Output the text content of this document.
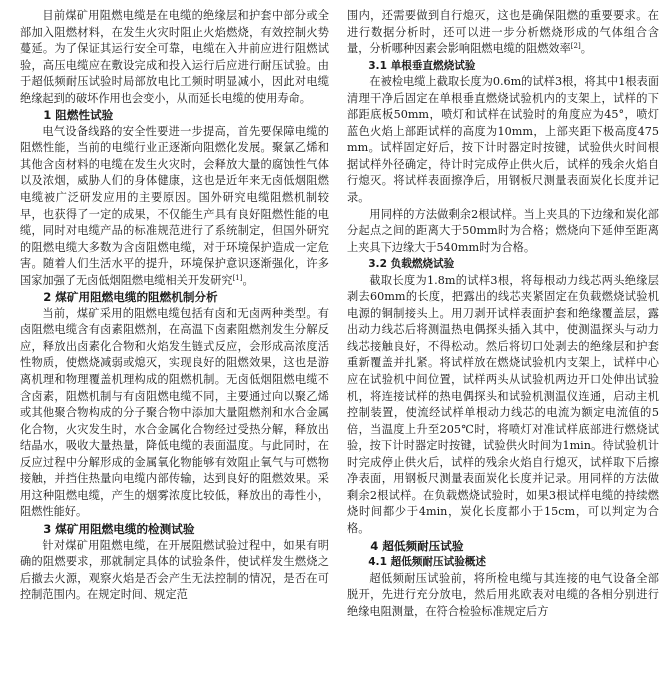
目前煤矿用阻燃电缆是在电缆的绝缘层和护套中部分或全部加入阻燃材料，在发生火灾时阻止火焰燃烧，有效控制火势蔓延。为了保证其运行安全可靠，电缆在入井前应进行阻燃试验，高压电缆应在敷设完成和投入运行后应进行耐压试验。由于超低频耐压试验时局部放电比工频时明显减小，因此对电缆绝缘起到的破坏作用也会变小，从而延长电缆的使用寿命。

1 阻燃性试验

电气设备线路的安全性要进一步提高，首先要保障电缆的阻燃性能，当前的电缆行业正逐渐向阻燃化发展。聚氯乙烯和其他含卤材料的电缆在发生火灾时，会释放大量的腐蚀性气体以及浓烟，威胁人们的身体健康，这也是近年来无卤低烟阻燃电缆被广泛研发应用的主要原因。国外研究电缆阻燃机制较早，也获得了一定的成果，不仅能生产具有良好阻燃性能的电缆，同时对电缆产品的标准规范进行了系统制定，但国外研究的阻燃电缆大多数为含卤阻燃电缆，对于环境保护造成一定危害。随着人们生活水平的提升，环境保护意识逐渐强化，许多国家加强了无卤低烟阻燃电缆相关开发研究[1]。

2 煤矿用阻燃电缆的阻燃机制分析

当前，煤矿采用的阻燃电缆包括有卤和无卤两种类型。有卤阻燃电缆含有卤素阻燃剂，在高温下卤素阻燃剂发生分解反应，释放出卤素化合物和火焰发生链式反应，会形成高浓度活性物质，使燃烧减弱或熄灭，实现良好的阻燃效果，这也是游离机理和物理覆盖机理构成的阻燃机制。无卤低烟阻燃电缆不含卤素，阻燃机制与有卤阻燃电缆不同，主要通过向以聚乙烯或其他聚合物构成的分子聚合物中添加大量阻燃剂和水合金属化合物，火灾发生时，水合金属化合物经过受热分解，释放出结晶水，吸收大量热量，降低电缆的表面温度。与此同时，在反应过程中分解形成的金属氧化物能够有效阻止氧气与可燃物接触，并挡住热量向电缆内部传输，达到良好的阻燃效果。采用这种阻燃电缆，产生的烟雾浓度比较低，释放出的毒性小，阻燃性能好。

3 煤矿用阻燃电缆的检测试验

针对煤矿用阻燃电缆，在开展阻燃试验过程中，如果有明确的阻燃要求，那就制定具体的试验条件，使试样发生燃烧之后撤去火源，观察火焰是否会产生无法控制的情况，是否在可控制范围内。在规定时间、规定范

围内，还需要做到自行熄灭，这也是确保阻燃的重要要求。在进行数据分析时，还可以进一步分析燃烧形成的气体组合含量，分析哪种因素会影响阻燃电缆的阻燃效率[2]。

3.1 单根垂直燃烧试验

在被检电缆上截取长度为0.6m的试样3根，将其中1根表面清理干净后固定在单根垂直燃烧试验机内的支架上，试样的下部距底板50mm，喷灯和试样在试验时的角度应为45°，喷灯蓝色火焰上部距试样的高度为10mm，上部夹距下极高度475mm。试样固定好后，按下计时器定时按键，试验供火时间根据试样外径确定，待计时完成停止供火后，试样的残余火焰自行熄灭。将试样表面擦净后，用钢板尺测量表面炭化长度并记录。

用同样的方法做剩余2根试样。当上夹具的下边缘和炭化部分起点之间的距离大于50mm时为合格；燃烧向下延伸至距离上夹具下边缘大于540mm时为合格。

3.2 负载燃烧试验

截取长度为1.8m的试样3根，将每根动力线芯两头绝缘层剥去60mm的长度，把露出的线芯夹紧固定在负载燃烧试验机电源的铜制接头上。用刀剥开试样表面护套和绝缘覆盖层，露出动力线芯后将测温热电偶探头插入其中，使测温探头与动力线芯接触良好，不得松动。然后将切口处剥去的绝缘层和护套重新覆盖并扎紧。将试样放在燃烧试验机内支架上，试样中心应在试验机中间位置，试样两头从试验机两边开口处伸出试验机，将连接试样的热电偶探头和试验机测温仪连通，启动主机控制装置，使流经试样单根动力线芯的电流为额定电流值的5倍，当温度上升至205℃时，将喷灯对准试样底部进行燃烧试验，按下计时器定时按键，试验供火时间为1min。待试验机计时完成停止供火后，试样的残余火焰自行熄灭，试样取下后擦净表面，用钢板尺测量表面炭化长度并记录。用同样的方法做剩余2根试样。在负载燃烧试验时，如果3根试样电缆的持续燃烧时间都少于4min，炭化长度都小于15cm，可以判定为合格。

4 超低频耐压试验
4.1 超低频耐压试验概述

超低频耐压试验前，将所检电缆与其连接的电气设备全部脱开，先进行充分放电，然后用兆欧表对电缆的各相分别进行绝缘电阻测量，在符合检验标准规定后方
